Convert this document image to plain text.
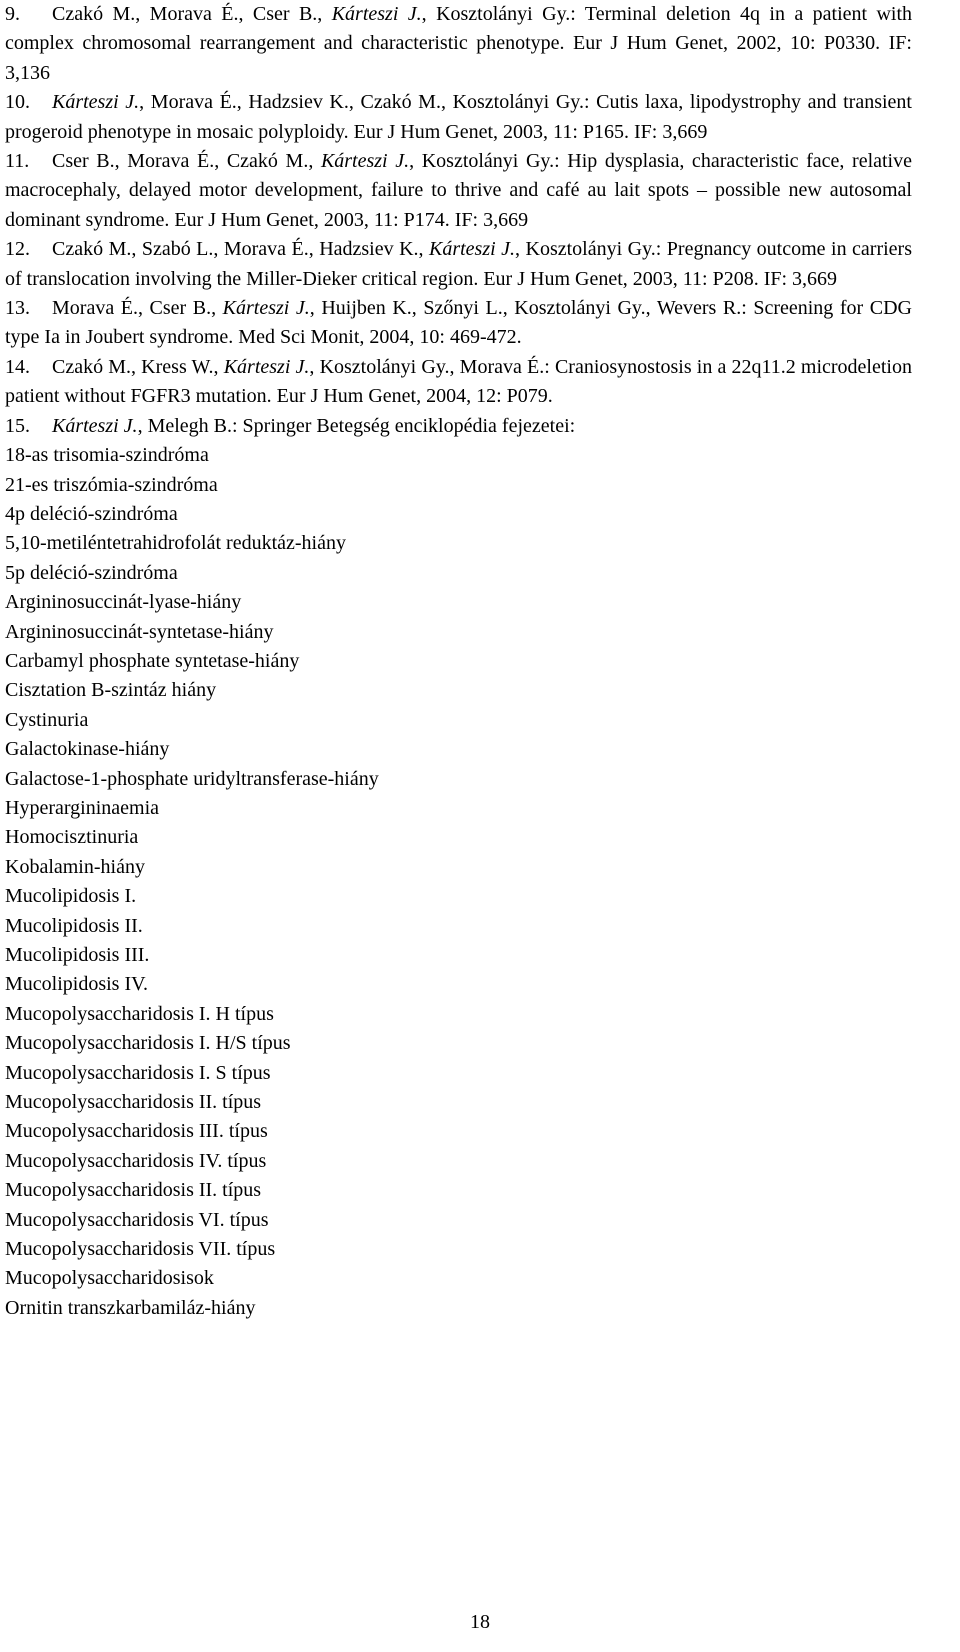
9. Czakó M., Morava É., Cser B., Kárteszi J., Kosztolányi Gy.: Terminal deletion 4q in a patient with complex chromosomal rearrangement and characteristic phenotype. Eur J Hum Genet, 2002, 10: P0330. IF: 3,136

10. Kárteszi J., Morava É., Hadzsiev K., Czakó M., Kosztolányi Gy.: Cutis laxa, lipodystrophy and transient progeroid phenotype in mosaic polyploidy. Eur J Hum Genet, 2003, 11: P165. IF: 3,669

11. Cser B., Morava É., Czakó M., Kárteszi J., Kosztolányi Gy.: Hip dysplasia, characteristic face, relative macrocephaly, delayed motor development, failure to thrive and café au lait spots – possible new autosomal dominant syndrome. Eur J Hum Genet, 2003, 11: P174. IF: 3,669

12. Czakó M., Szabó L., Morava É., Hadzsiev K., Kárteszi J., Kosztolányi Gy.: Pregnancy outcome in carriers of translocation involving the Miller-Dieker critical region. Eur J Hum Genet, 2003, 11: P208. IF: 3,669

13. Morava É., Cser B., Kárteszi J., Huijben K., Szőnyi L., Kosztolányi Gy., Wevers R.: Screening for CDG type Ia in Joubert syndrome. Med Sci Monit, 2004, 10: 469-472.

14. Czakó M., Kress W., Kárteszi J., Kosztolányi Gy., Morava É.: Craniosynostosis in a 22q11.2 microdeletion patient without FGFR3 mutation. Eur J Hum Genet, 2004, 12: P079.

15. Kárteszi J., Melegh B.: Springer Betegség enciklopédia fejezetei:

18-as trisomia-szindróma
21-es triszómia-szindróma
4p deléció-szindróma
5,10-metiléntetrahidrofolát reduktáz-hiány
5p deléció-szindróma
Argininosuccinát-lyase-hiány
Argininosuccinát-syntetase-hiány
Carbamyl phosphate syntetase-hiány
Cisztation B-szintáz hiány
Cystinuria
Galactokinase-hiány
Galactose-1-phosphate uridyltransferase-hiány
Hyperargininaemia
Homocisztinuria
Kobalamin-hiány
Mucolipidosis I.
Mucolipidosis II.
Mucolipidosis III.
Mucolipidosis IV.
Mucopolysaccharidosis I. H típus
Mucopolysaccharidosis I. H/S típus
Mucopolysaccharidosis I. S típus
Mucopolysaccharidosis II. típus
Mucopolysaccharidosis III. típus
Mucopolysaccharidosis IV. típus
Mucopolysaccharidosis II. típus
Mucopolysaccharidosis VI. típus
Mucopolysaccharidosis VII. típus
Mucopolysaccharidosisok
Ornitin transzkarbamiláz-hiány
18
